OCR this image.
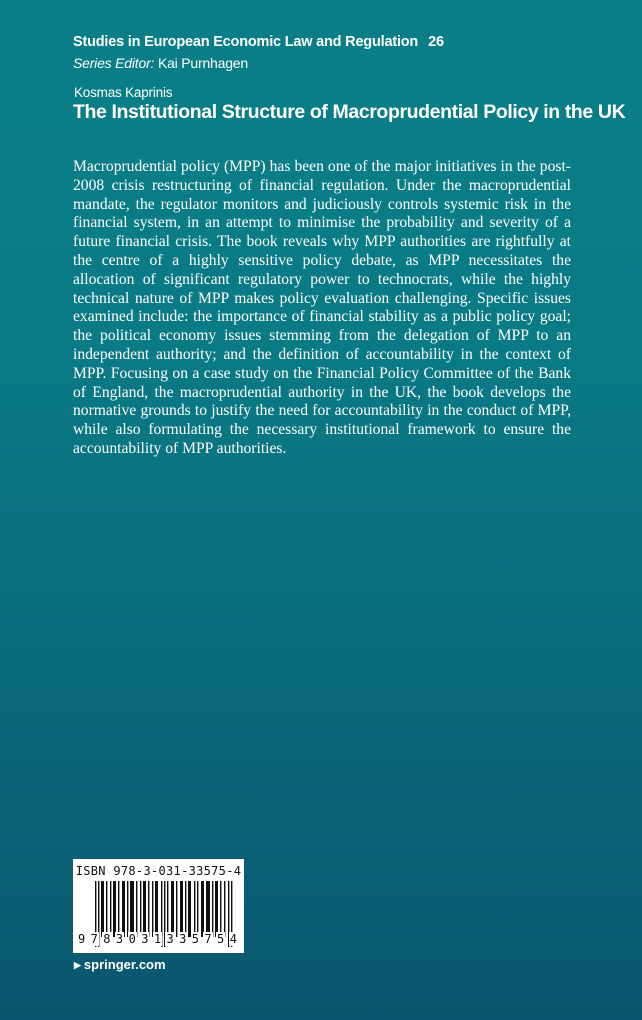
Studies in European Economic Law and Regulation 26
Series Editor: Kai Purnhagen
Kosmas Kaprinis
The Institutional Structure of Macroprudential Policy in the UK
Macroprudential policy (MPP) has been one of the major initiatives in the post-2008 crisis restructuring of financial regulation. Under the macroprudential mandate, the regulator monitors and judiciously controls systemic risk in the financial system, in an attempt to minimise the probability and severity of a future financial crisis. The book reveals why MPP authorities are rightfully at the centre of a highly sensitive policy debate, as MPP necessitates the allocation of significant regulatory power to technocrats, while the highly technical nature of MPP makes policy evaluation challenging. Specific issues examined include: the importance of financial stability as a public policy goal; the political economy issues stemming from the delegation of MPP to an independent authority; and the definition of accountability in the context of MPP. Focusing on a case study on the Financial Policy Committee of the Bank of England, the macroprudential authority in the UK, the book develops the normative grounds to justify the need for accountability in the conduct of MPP, while also formulating the necessary institutional framework to ensure the accountability of MPP authorities.
ISBN 978-3-031-33575-4
9 7 8 3 0 3 1 3 3 5 7 5 4
▶ springer.com
